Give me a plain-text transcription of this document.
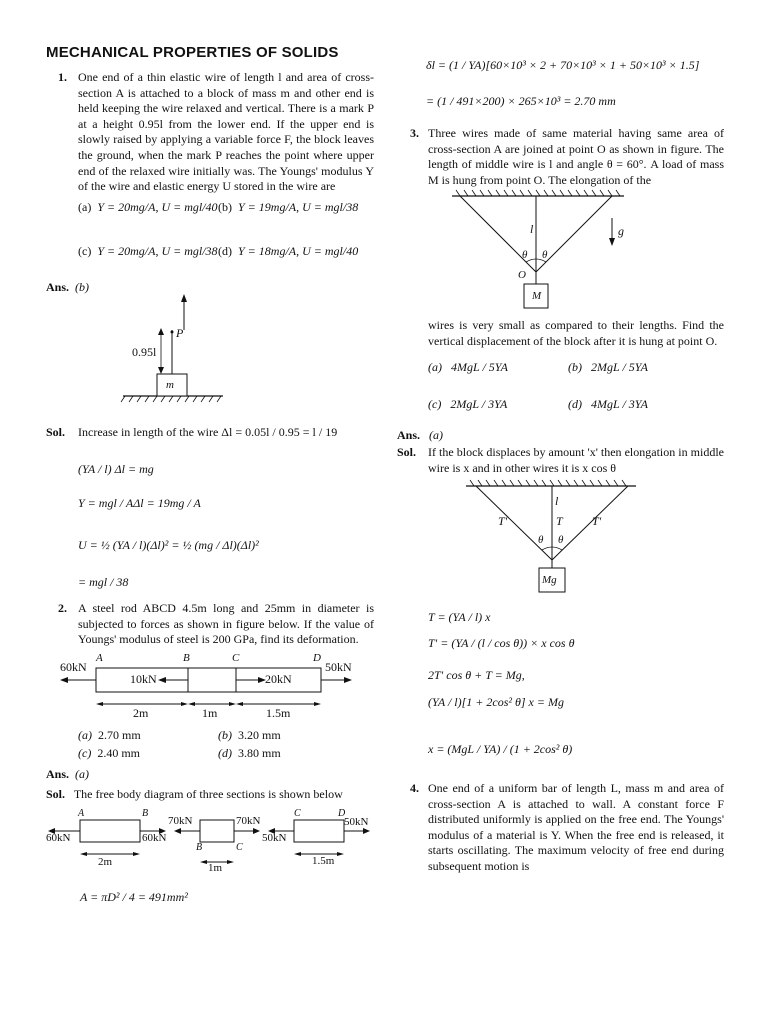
MECHANICAL PROPERTIES OF SOLIDS
1. One end of a thin elastic wire of length l and area of cross-section A is attached to a block of mass m and other end is held keeping the wire relaxed and vertical. There is a mark P at a height 0.95l from the lower end. If the upper end is slowly raised by applying a variable force F, the block leaves the ground, when the mark P reaches the point where upper end of the relaxed wire initially was. The Youngs' modulus Y of the wire and elastic energy U stored in the wire are
(a) Y = 20mg/A, U = mgl/40 (b) Y = 19mg/A, U = mgl/38
(c) Y = 20mg/A, U = mgl/38 (d) Y = 18mg/A, U = mgl/40
Ans. (b)
P
0.95l
m
Sol. Increase in length of the wire Δl = 0.05l / 0.95 = l / 19
(YA / l) Δl = mg
Y = mgl / AΔl = 19mg / A
U = ½ (YA / l)(Δl)² = ½ (mg / Δl)(Δl)²
= mgl / 38
2. A steel rod ABCD 4.5m long and 25mm in diameter is subjected to forces as shown in figure below. If the value of Youngs' modulus of steel is 200 GPa, find its deformation.
60kN	50kN
A	B	C	D
10kN	20kN
2m	1m	1.5m
(a) 2.70 mm	(b) 3.20 mm
(c) 2.40 mm	(d) 3.80 mm
Ans. (a)
Sol. The free body diagram of three sections is shown below
A	B
60kN	60kN
2m
B	C
70kN	70kN
1m
C	D
50kN
50kN
1.5m
A = πD² / 4 = 491mm²
δl = (1 / YA)[60×10³ × 2 + 70×10³ × 1 + 50×10³ × 1.5]
= (1 / 491×200) × 265×10³ = 2.70 mm
3. Three wires made of same material having same area of cross-section A are joined at point O as shown in figure. The length of middle wire is l and angle θ = 60°. A load of mass M is hung from point O. The elongation of the
l
θ θ
O
M
g
wires is very small as compared to their lengths. Find the vertical displacement of the block after it is hung at point O.
(a) 4MgL / 5YA	(b) 2MgL / 5YA
(c) 2MgL / 3YA	(d) 4MgL / 3YA
Ans. (a)
Sol. If the block displaces by amount 'x' then elongation in middle wire is x and in other wires it is x cos θ
l
T'	T T'
θ θ
Mg
T = (YA / l) x
T' = (YA / (l / cos θ)) × x cos θ
2T' cos θ + T = Mg,
(YA / l)[1 + 2cos² θ] x = Mg
x = (MgL / YA) / (1 + 2cos² θ)
4. One end of a uniform bar of length L, mass m and area of cross-section A is attached to wall. A constant force F distributed uniformly is applied on the free end. The Youngs' modulus of a material is Y. When the free end is released, it starts oscillating. The maximum velocity of free end during subsequent motion is
